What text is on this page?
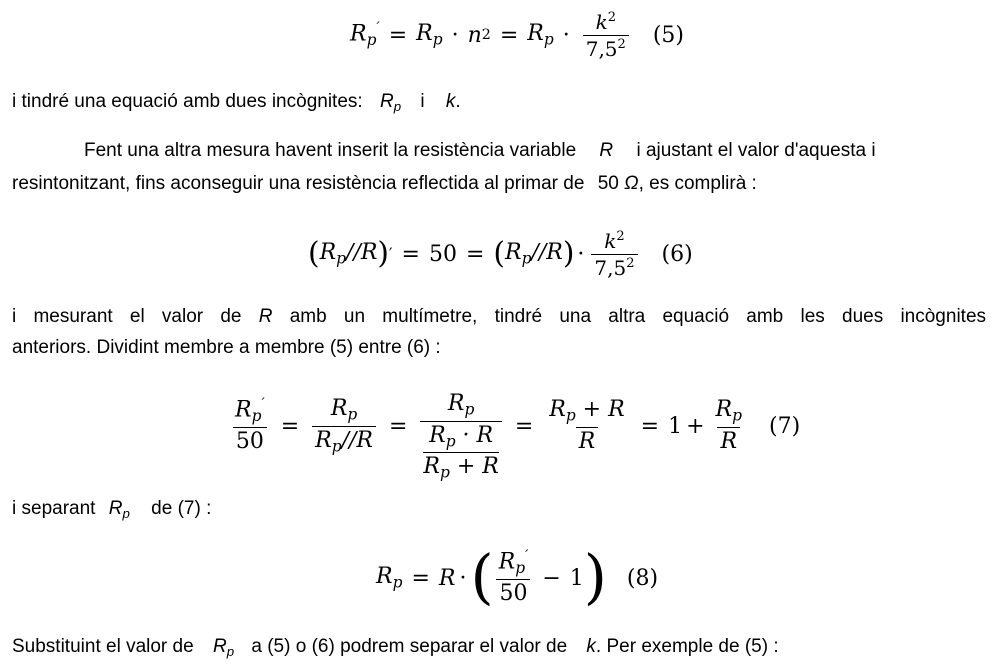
$R_p' = R_p \cdot n$ $2 = R_p \cdot \frac{k^2}{7,5^2} (5)$
i tindré una equació amb dues incògnites: $R_p$ i k.
Fent una altra mesura havent inserit la resistència variable R i ajustant el valor d'aquesta i
resintonitzant, fins aconseguir una resistència reflectida al primar de 50 Ω, es complirà :
( $R_p∕∕R$ ) ′ = 50 = ( $R_p∕∕R$ ) · $\frac{k^2}{7,5^2} (6)$
i mesurant el valor de R amb un multímetre, tindré una altra equació amb les dues incògnites
anteriors. Dividint membre a membre (5) entre (6) :
$\frac{R_p'}{50} = \frac{R_p}{R_p∕∕R} = R_p$
$R_p \cdot R$
$R_p + R = \frac{R_p + R}{R} = 1 + \frac{R_p}{R} (7)$
i separant $R_p$ de (7) :
$R_p = R$ · ( $\frac{R_p'}{50} - 1$ ) (8)
Substituint el valor de $R_p$ a (5) o (6) podrem separar el valor de k. Per exemple de (5) :
